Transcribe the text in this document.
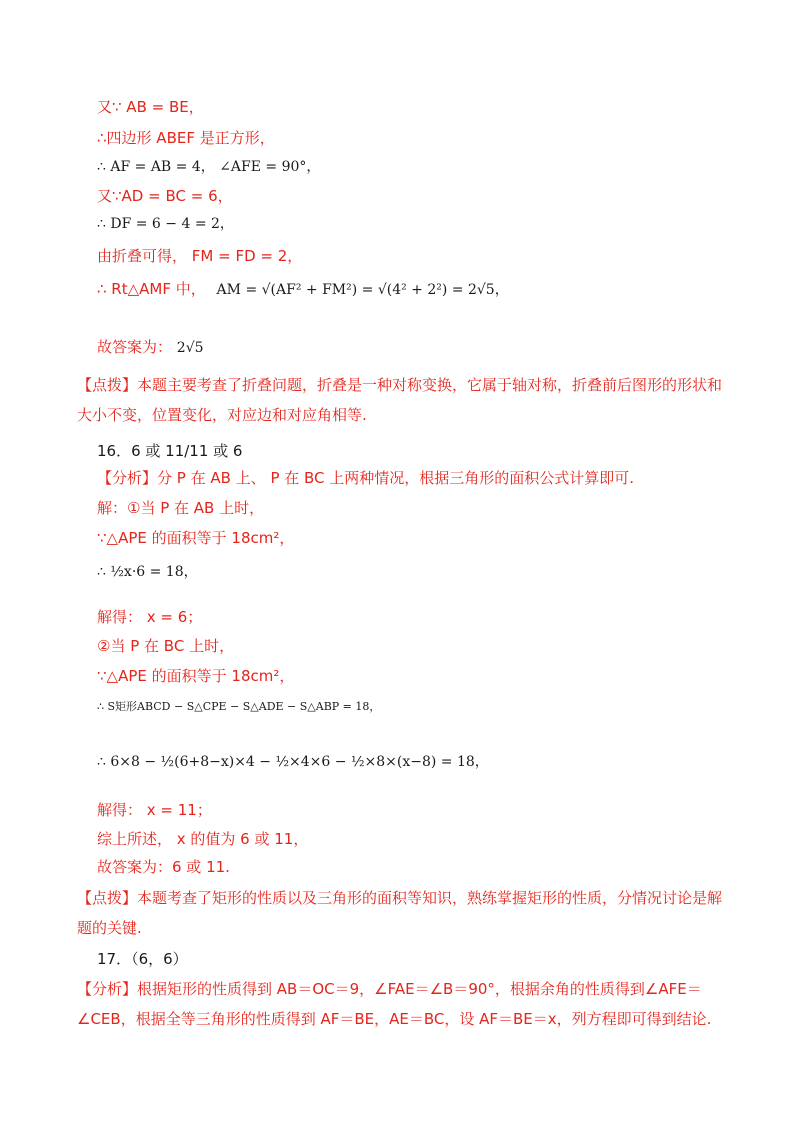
又∵ AB = BE，
∴四边形 ABEF 是正方形，
∴ AF = AB = 4， ∠AFE = 90°，
又∵AD = BC = 6，
∴ DF = 6 − 4 = 2，
由折叠可得， FM = FD = 2，
∴ Rt△AMF 中， AM = √(AF² + FM²) = √(4² + 2²) = 2√5，
故答案为： 2√5
【点拨】本题主要考查了折叠问题，折叠是一种对称变换，它属于轴对称，折叠前后图形的形状和大小不变，位置变化，对应边和对应角相等.
16．6 或 11/11 或 6
【分析】分 P 在 AB 上、 P 在 BC 上两种情况，根据三角形的面积公式计算即可.
解：①当 P 在 AB 上时，
∵△APE 的面积等于 18cm²，
∴ ½x·6 = 18，
解得： x = 6；
②当 P 在 BC 上时，
∵△APE 的面积等于 18cm²，
∴ S矩形ABCD − S△CPE − S△ADE − S△ABP = 18，
∴ 6×8 − ½(6+8−x)×4 − ½×4×6 − ½×8×(x−8) = 18，
解得： x = 11；
综上所述， x 的值为 6 或 11，
故答案为：6 或 11.
【点拨】本题考查了矩形的性质以及三角形的面积等知识，熟练掌握矩形的性质，分情况讨论是解题的关键.
17．（6，6）
【分析】根据矩形的性质得到 AB＝OC＝9，∠FAE＝∠B＝90°，根据余角的性质得到∠AFE＝∠CEB，根据全等三角形的性质得到 AF＝BE，AE＝BC，设 AF＝BE＝x，列方程即可得到结论.
